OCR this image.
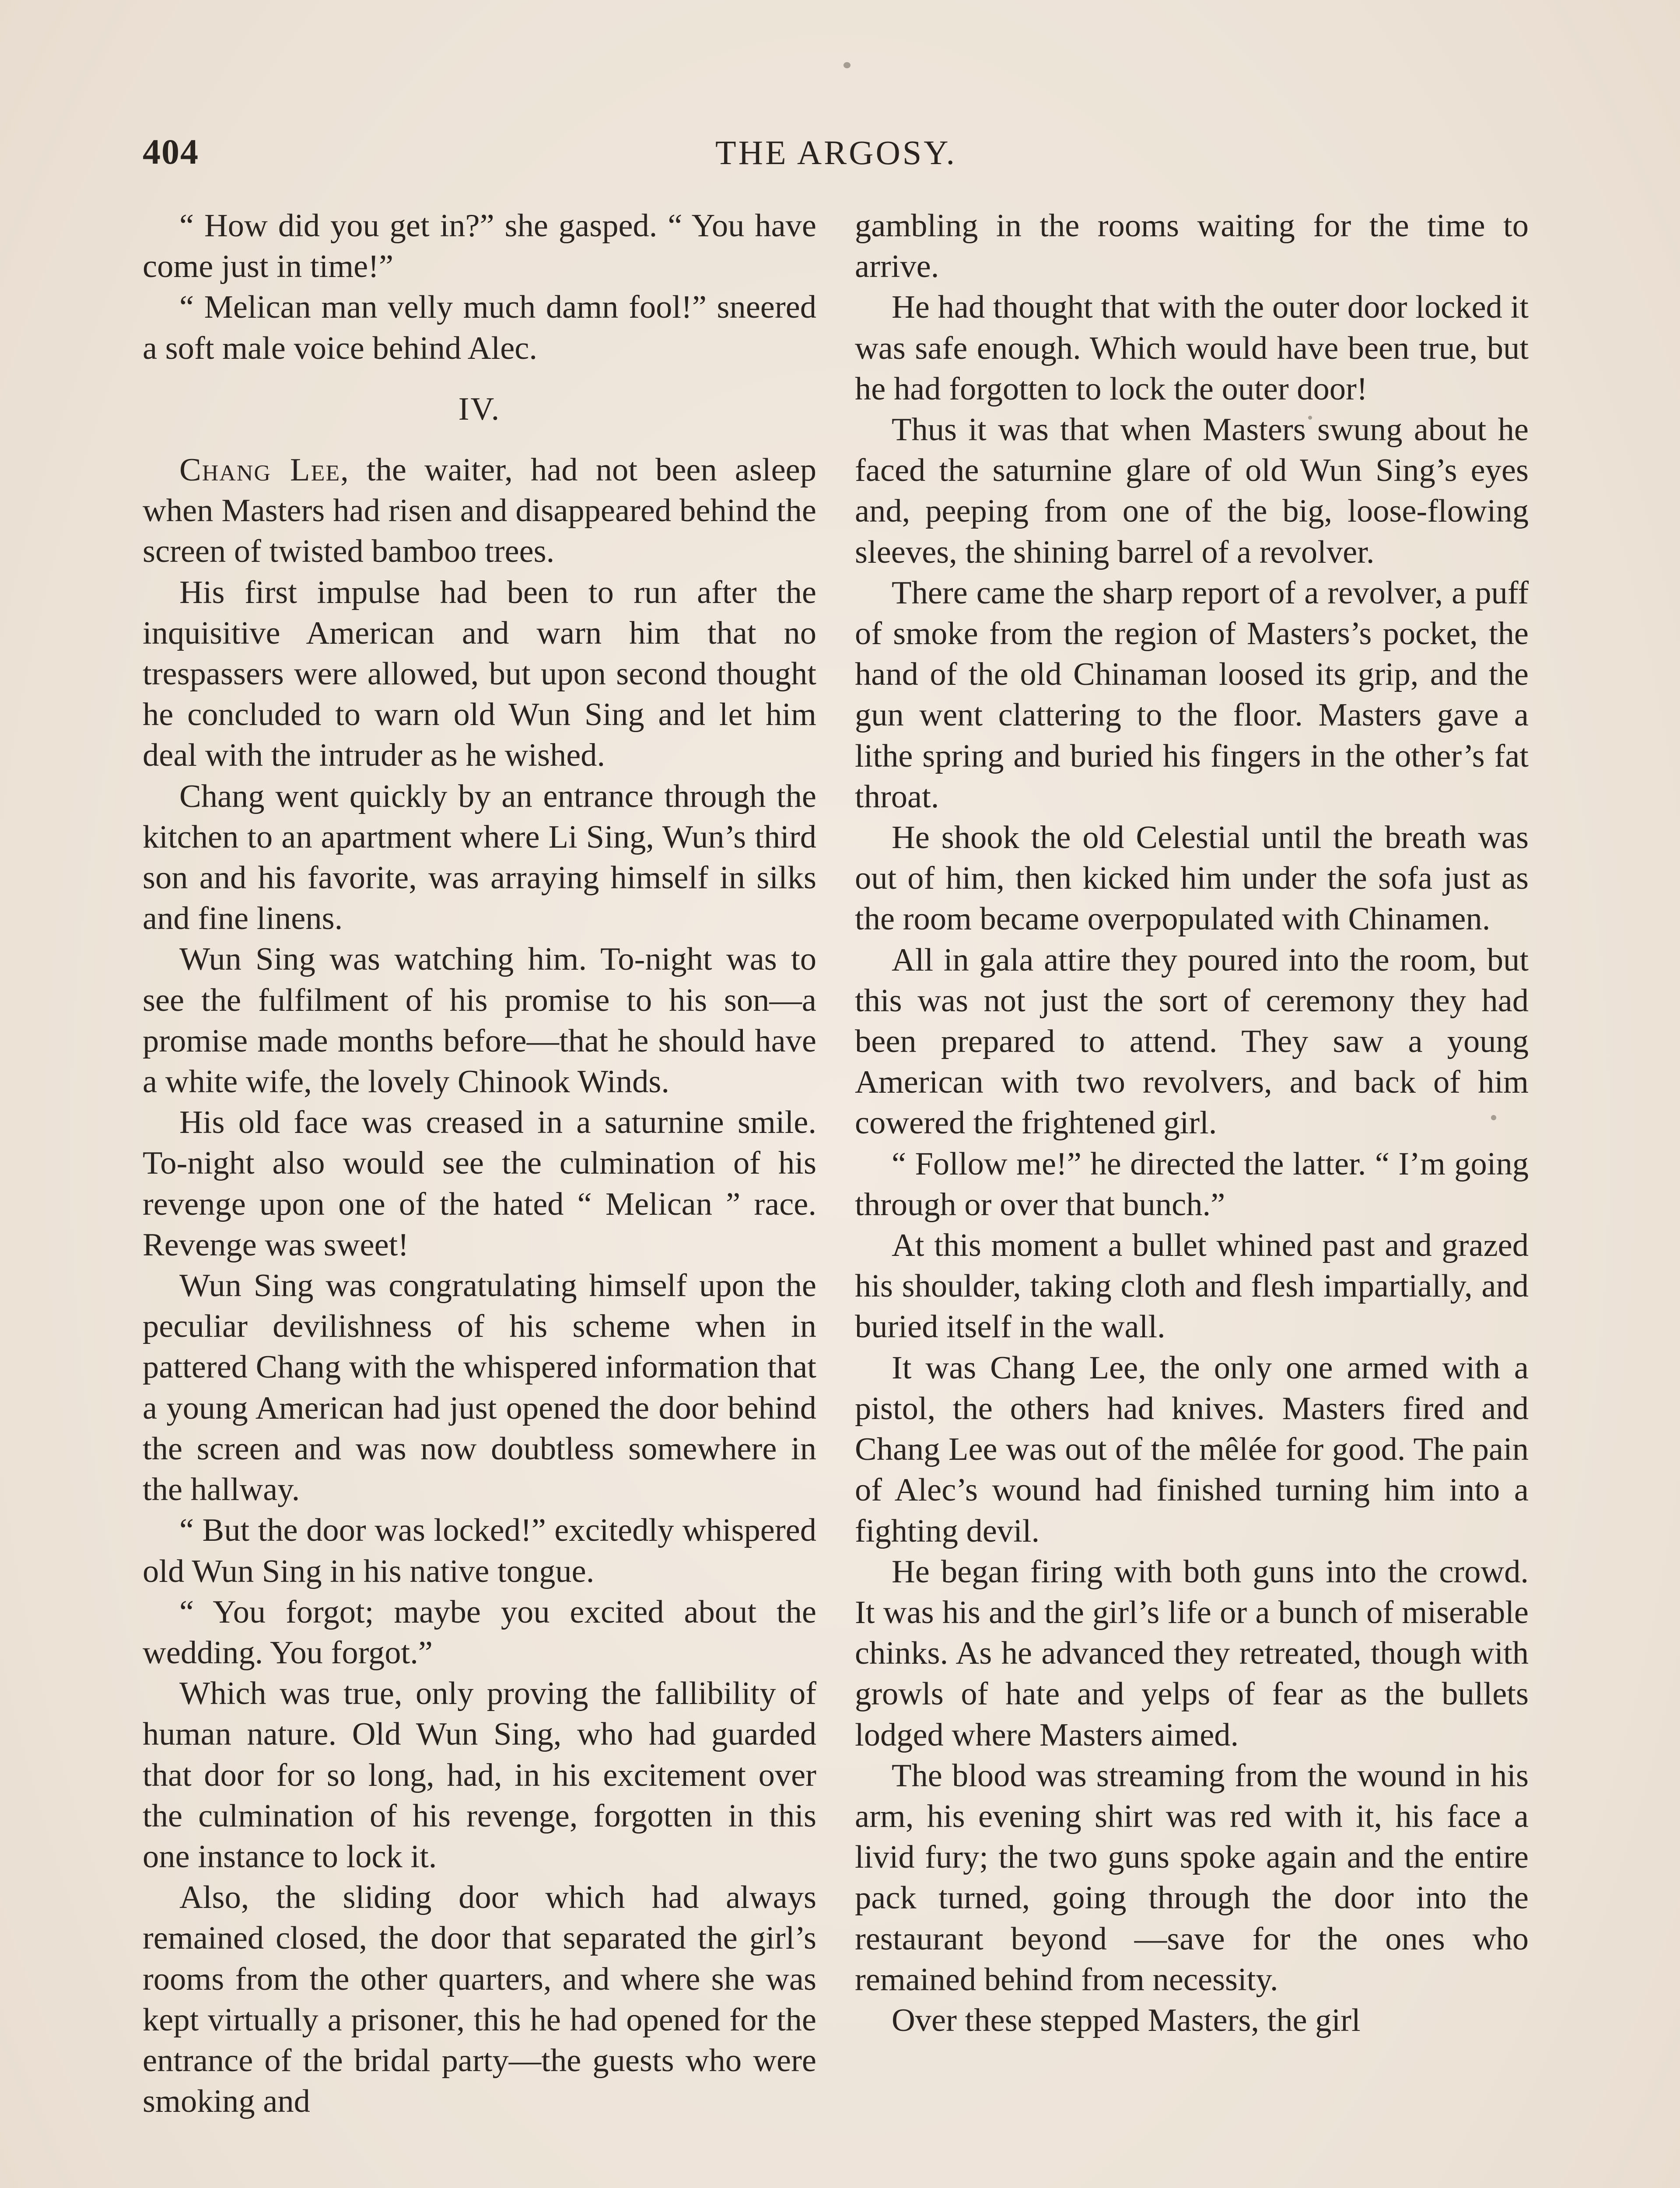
404	THE ARGOSY.

“ How did you get in?” she gasped. “ You have come just in time!”

“ Melican man velly much damn fool!” sneered a soft male voice behind Alec.

IV.

Chang Lee, the waiter, had not been asleep when Masters had risen and disappeared behind the screen of twisted bamboo trees.

His first impulse had been to run after the inquisitive American and warn him that no trespassers were allowed, but upon second thought he concluded to warn old Wun Sing and let him deal with the intruder as he wished.

Chang went quickly by an entrance through the kitchen to an apartment where Li Sing, Wun’s third son and his favorite, was arraying himself in silks and fine linens.

Wun Sing was watching him. To-night was to see the fulfilment of his promise to his son—a promise made months before—that he should have a white wife, the lovely Chinook Winds.

His old face was creased in a saturnine smile. To-night also would see the culmination of his revenge upon one of the hated “ Melican ” race. Revenge was sweet!

Wun Sing was congratulating himself upon the peculiar devilishness of his scheme when in pattered Chang with the whispered information that a young American had just opened the door behind the screen and was now doubtless somewhere in the hallway.

“ But the door was locked!” excitedly whispered old Wun Sing in his native tongue.

“ You forgot; maybe you excited about the wedding. You forgot.”

Which was true, only proving the fallibility of human nature. Old Wun Sing, who had guarded that door for so long, had, in his excitement over the culmination of his revenge, forgotten in this one instance to lock it.

Also, the sliding door which had always remained closed, the door that separated the girl’s rooms from the other quarters, and where she was kept virtually a prisoner, this he had opened for the entrance of the bridal party—the guests who were smoking and

gambling in the rooms waiting for the time to arrive.

He had thought that with the outer door locked it was safe enough. Which would have been true, but he had forgotten to lock the outer door!

Thus it was that when Masters swung about he faced the saturnine glare of old Wun Sing’s eyes and, peeping from one of the big, loose-flowing sleeves, the shining barrel of a revolver.

There came the sharp report of a revolver, a puff of smoke from the region of Masters’s pocket, the hand of the old Chinaman loosed its grip, and the gun went clattering to the floor. Masters gave a lithe spring and buried his fingers in the other’s fat throat.

He shook the old Celestial until the breath was out of him, then kicked him under the sofa just as the room became overpopulated with Chinamen.

All in gala attire they poured into the room, but this was not just the sort of ceremony they had been prepared to attend. They saw a young American with two revolvers, and back of him cowered the frightened girl.

“ Follow me!” he directed the latter. “ I’m going through or over that bunch.”

At this moment a bullet whined past and grazed his shoulder, taking cloth and flesh impartially, and buried itself in the wall.

It was Chang Lee, the only one armed with a pistol, the others had knives. Masters fired and Chang Lee was out of the mêlée for good. The pain of Alec’s wound had finished turning him into a fighting devil.

He began firing with both guns into the crowd. It was his and the girl’s life or a bunch of miserable chinks. As he advanced they retreated, though with growls of hate and yelps of fear as the bullets lodged where Masters aimed.

The blood was streaming from the wound in his arm, his evening shirt was red with it, his face a livid fury; the two guns spoke again and the entire pack turned, going through the door into the restaurant beyond —save for the ones who remained behind from necessity.

Over these stepped Masters, the girl
